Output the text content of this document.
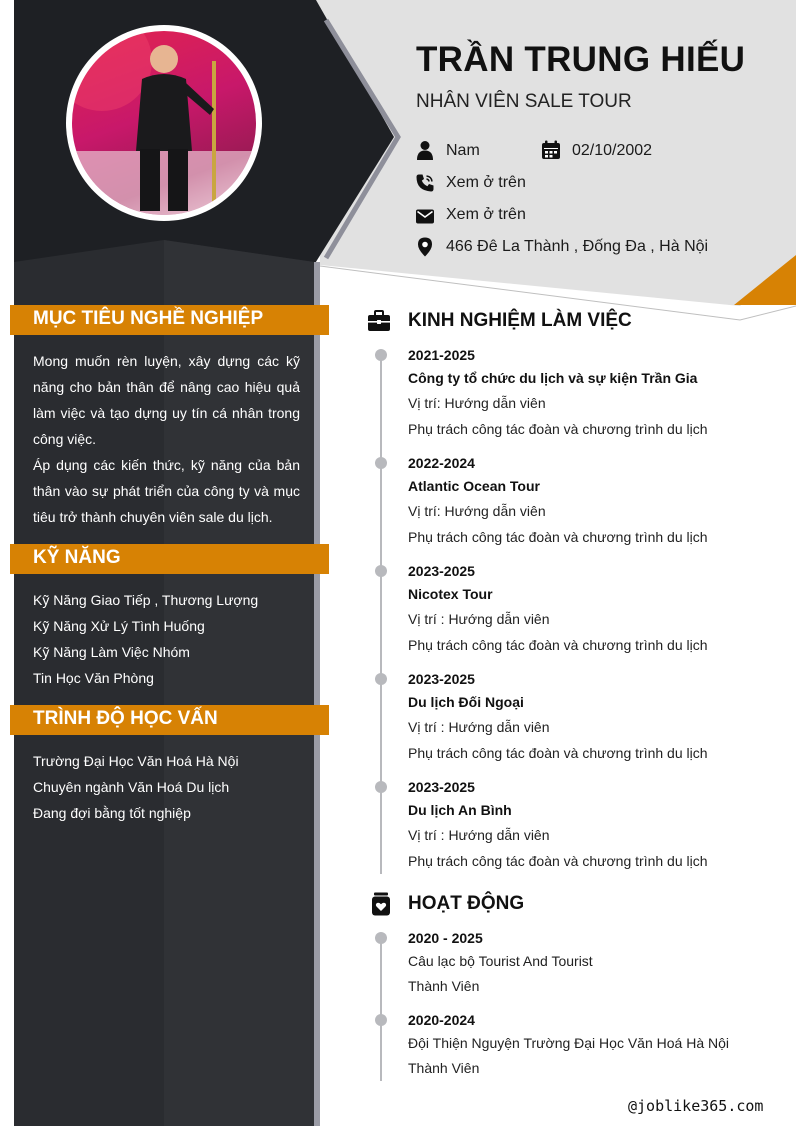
TRẦN TRUNG HIẾU
NHÂN VIÊN SALE TOUR
Nam	02/10/2002
Xem ở trên
Xem ở trên
466 Đê La Thành , Đống Đa , Hà Nội
MỤC TIÊU NGHỀ NGHIỆP
Mong muốn rèn luyện, xây dựng các kỹ năng cho bản thân để nâng cao hiệu quả làm việc và tạo dựng uy tín cá nhân trong công việc.
Áp dụng các kiến thức, kỹ năng của bản thân vào sự phát triển của công ty và mục tiêu trở thành chuyên viên sale du lịch.
KỸ NĂNG
Kỹ Năng Giao Tiếp , Thương Lượng
Kỹ Năng Xử Lý Tình Huống
Kỹ Năng Làm Việc Nhóm
Tin Học Văn Phòng
TRÌNH ĐỘ HỌC VẤN
Trường Đại Học Văn Hoá Hà Nội
Chuyên ngành Văn Hoá Du lịch
Đang đợi bằng tốt nghiệp
KINH NGHIỆM LÀM VIỆC
2021-2025
Công ty tổ chức du lịch và sự kiện Trần Gia
Vị trí: Hướng dẫn viên
Phụ trách công tác đoàn và chương trình du lịch
2022-2024
Atlantic Ocean Tour
Vị trí: Hướng dẫn viên
Phụ trách công tác đoàn và chương trình du lịch
2023-2025
Nicotex Tour
Vị trí : Hướng dẫn viên
Phụ trách công tác đoàn và chương trình du lịch
2023-2025
Du lịch Đối Ngoại
Vị trí : Hướng dẫn viên
Phụ trách công tác đoàn và chương trình du lịch
2023-2025
Du lịch An Bình
Vị trí : Hướng dẫn viên
Phụ trách công tác đoàn và chương trình du lịch
HOẠT ĐỘNG
2020 - 2025
Câu lạc bộ Tourist And Tourist
Thành Viên
2020-2024
Đội Thiện Nguyện Trường Đại Học Văn Hoá Hà Nội
Thành Viên
@joblike365.com
